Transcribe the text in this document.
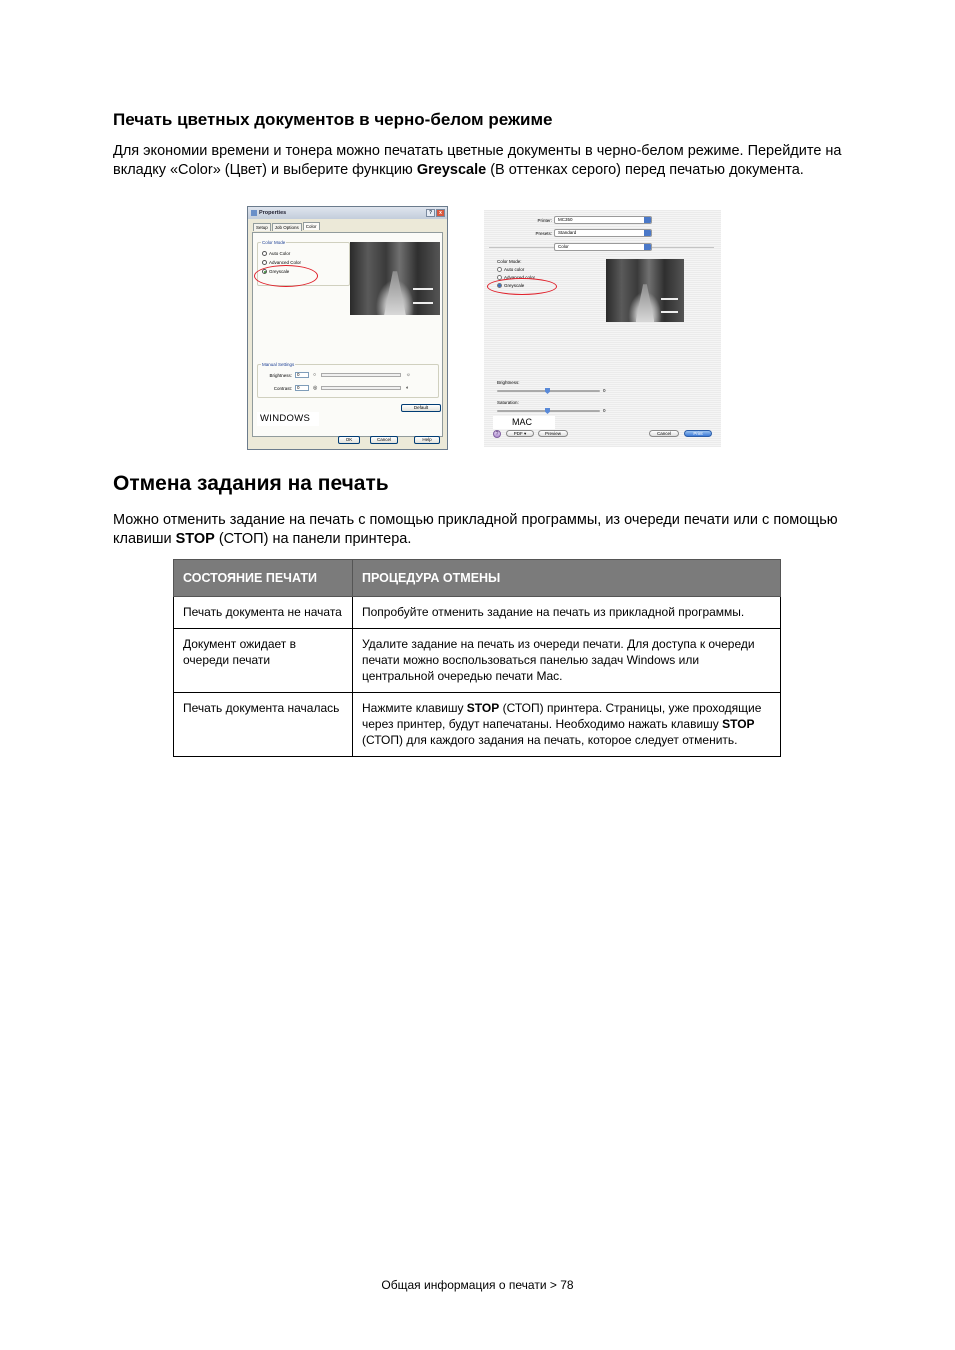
Печать цветных документов в черно-белом режиме
Для экономии времени и тонера можно печатать цветные документы в черно-белом режиме. Перейдите на вкладку «Color» (Цвет) и выберите функцию Greyscale (В оттенках серого) перед печатью документа.
Properties	?	x
Setup	Job Options	Color
Color Mode
Auto Color
Advanced Color
Greyscale
Manual Settings
Brightness:	0	○	☼
Contrast:	0	◎	◐
Default
OK	Cancel	Help
WINDOWS
Printer:	MC350
Presets:	Standard
Color
Color Mode:
Auto color
Advanced color
Greyscale
Brightness:
0
Saturation:
0
?	PDF ▾	Preview	Cancel	Print
MAC
Отмена задания на печать
Можно отменить задание на печать с помощью прикладной программы, из очереди печати или с помощью клавиши STOP (СТОП) на панели принтера.
СОСТОЯНИЕ ПЕЧАТИ	ПРОЦЕДУРА ОТМЕНЫ
Печать документа не начата	Попробуйте отменить задание на печать из прикладной программы.
Документ ожидает в очереди печати	Удалите задание на печать из очереди печати. Для доступа к очереди печати можно воспользоваться панелью задач Windows или центральной очередью печати Mac.
Печать документа началась	Нажмите клавишу STOP (СТОП) принтера. Страницы, уже проходящие через принтер, будут напечатаны. Необходимо нажать клавишу STOP (СТОП) для каждого задания на печать, которое следует отменить.
Общая информация о печати > 78
